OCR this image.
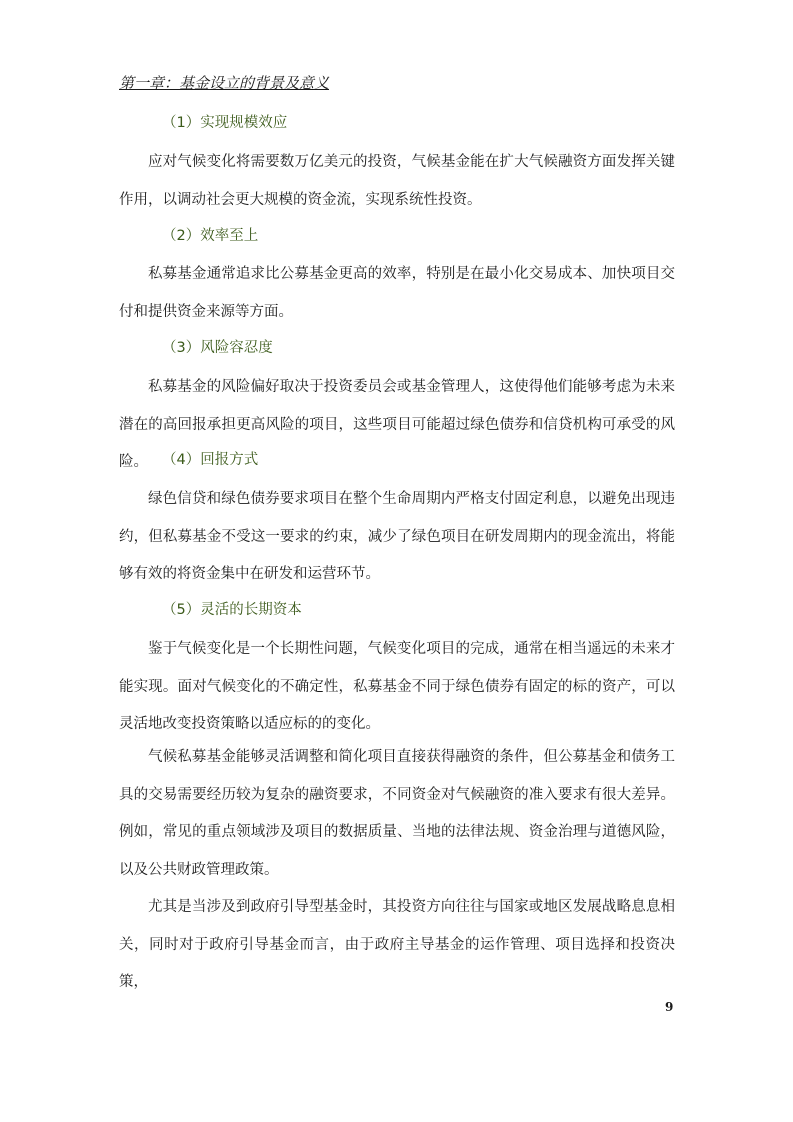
第一章：基金设立的背景及意义
（1）实现规模效应
应对气候变化将需要数万亿美元的投资，气候基金能在扩大气候融资方面发挥关键作用，以调动社会更大规模的资金流，实现系统性投资。
（2）效率至上
私募基金通常追求比公募基金更高的效率，特别是在最小化交易成本、加快项目交付和提供资金来源等方面。
（3）风险容忍度
私募基金的风险偏好取决于投资委员会或基金管理人，这使得他们能够考虑为未来潜在的高回报承担更高风险的项目，这些项目可能超过绿色债券和信贷机构可承受的风险。 （4）回报方式
绿色信贷和绿色债券要求项目在整个生命周期内严格支付固定利息，以避免出现违约，但私募基金不受这一要求的约束，减少了绿色项目在研发周期内的现金流出，将能够有效的将资金集中在研发和运营环节。
（5）灵活的长期资本
鉴于气候变化是一个长期性问题，气候变化项目的完成，通常在相当遥远的未来才能实现。面对气候变化的不确定性，私募基金不同于绿色债券有固定的标的资产，可以灵活地改变投资策略以适应标的的变化。
气候私募基金能够灵活调整和简化项目直接获得融资的条件，但公募基金和债务工具的交易需要经历较为复杂的融资要求，不同资金对气候融资的准入要求有很大差异。例如，常见的重点领域涉及项目的数据质量、当地的法律法规、资金治理与道德风险，以及公共财政管理政策。
尤其是当涉及到政府引导型基金时，其投资方向往往与国家或地区发展战略息息相关，同时对于政府引导基金而言，由于政府主导基金的运作管理、项目选择和投资决策，
9
